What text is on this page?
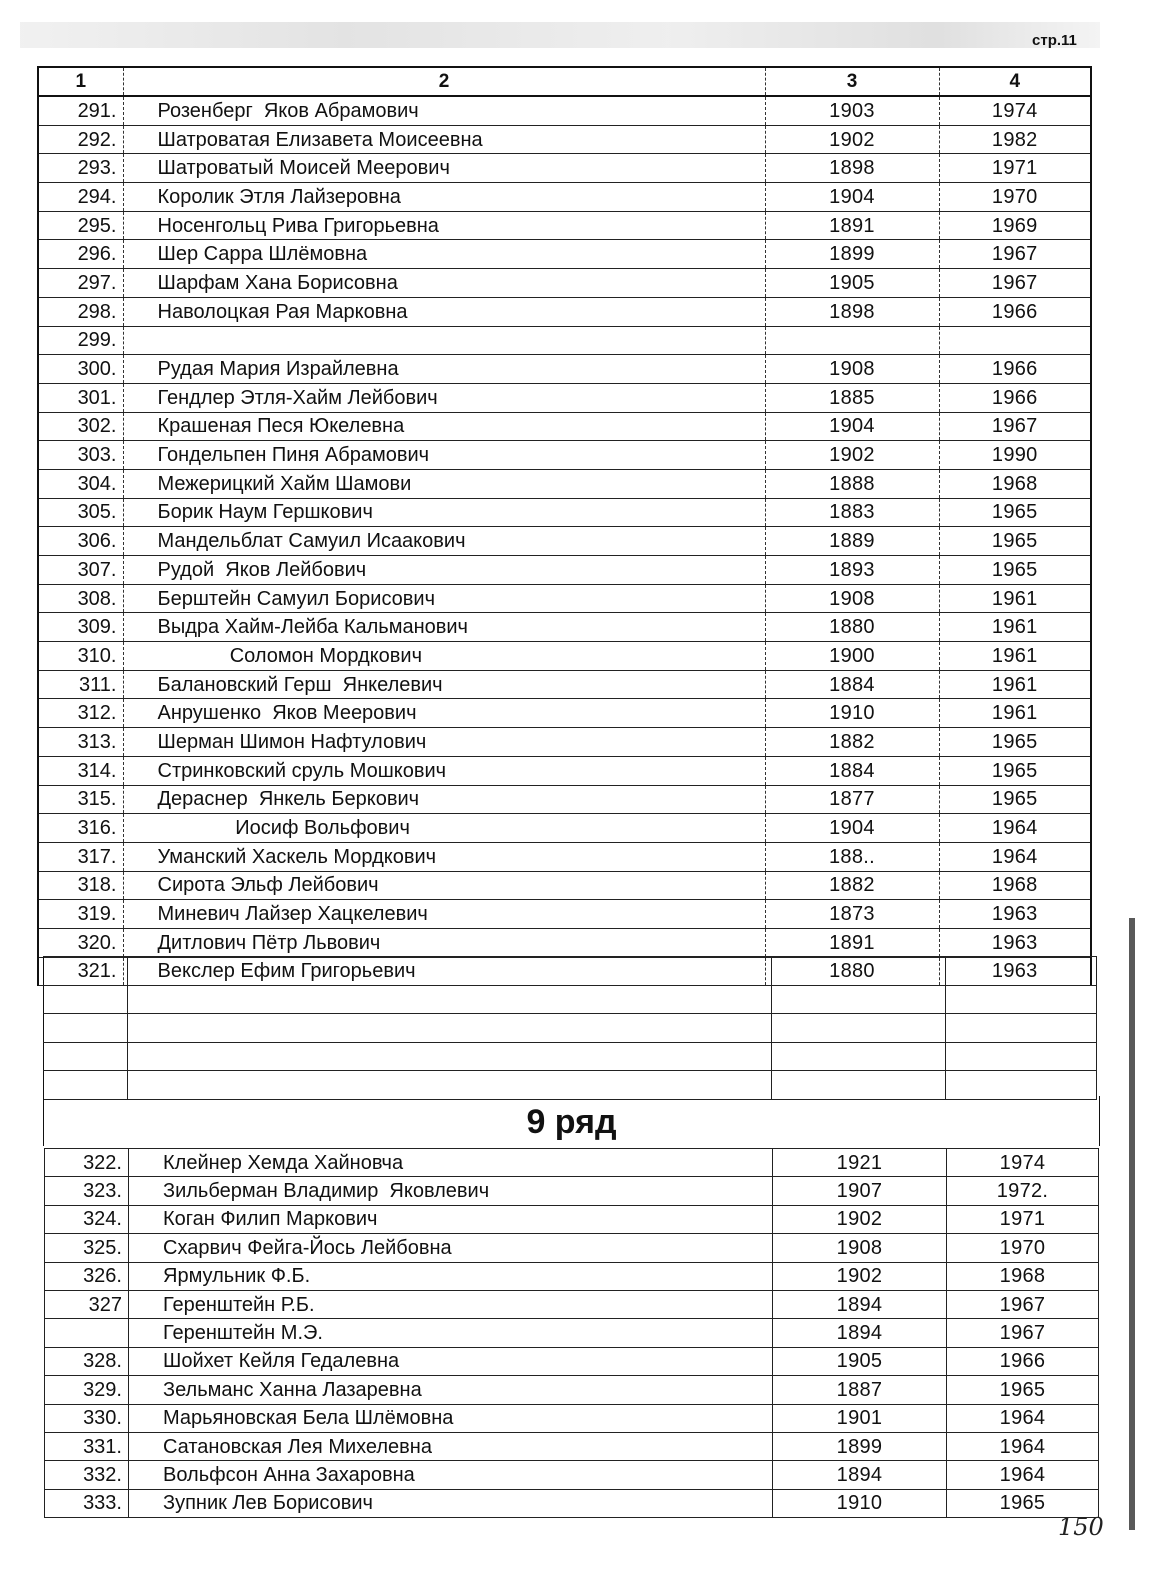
стр.11
1	2	3	4
291.	Розенберг  Яков Абрамович	1903	1974
292.	Шатроватая Елизавета Моисеевна	1902	1982
293.	Шатроватый Моисей Меерович	1898	1971
294.	Королик Этля Лайзеровна	1904	1970
295.	Носенгольц Рива Григорьевна	1891	1969
296.	Шер Сарра Шлёмовна	1899	1967
297.	Шарфам Хана Борисовна	1905	1967
298.	Наволоцкая Рая Марковна	1898	1966
299.			
300.	Рудая Мария Израйлевна	1908	1966
301.	Гендлер Этля-Хайм Лейбович	1885	1966
302.	Крашеная Песя Юкелевна	1904	1967
303.	Гондельпен Пиня Абрамович	1902	1990
304.	Межерицкий Хайм Шамови	1888	1968
305.	Борик Наум Гершкович	1883	1965
306.	Мандельблат Самуил Исаакович	1889	1965
307.	Рудой  Яков Лейбович	1893	1965
308.	Берштейн Самуил Борисович	1908	1961
309.	Выдра Хайм-Лейба Кальманович	1880	1961
310.	Соломон Мордкович	1900	1961
311.	Балановский Герш  Янкелевич	1884	1961
312.	Анрушенко  Яков Меерович	1910	1961
313.	Шерман Шимон Нафтулович	1882	1965
314.	Стринковский сруль Мошкович	1884	1965
315.	Дераcнер  Янкель Беркович	1877	1965
316.	Иосиф Вольфович	1904	1964
317.	Уманский Хаскель Мордкович	188..	1964
318.	Сирота Эльф Лейбович	1882	1968
319.	Миневич Лайзер Хацкелевич	1873	1963
320.	Дитлович Пётр Львович	1891	1963
321.	Векслер Ефим Григорьевич	1880	1963

9 ряд
322.	Клейнер Хемда Хайновча	1921	1974
323.	Зильберман Владимир  Яковлевич	1907	1972.
324.	Коган Филип Маркович	1902	1971
325.	Схарвич Фейга-Йось Лейбовна	1908	1970
326.	Ярмульник Ф.Б.	1902	1968
327	Геренштейн Р.Б.	1894	1967
	Геренштейн М.Э.	1894	1967
328.	Шойхет Кейля Гедалевна	1905	1966
329.	Зельманс Ханна Лазаревна	1887	1965
330.	Марьяновская Бела Шлёмовна	1901	1964
331.	Сатановская Лея Михелевна	1899	1964
332.	Вольфсон Анна Захаровна	1894	1964
333.	Зупник Лев Борисович	1910	1965
150
